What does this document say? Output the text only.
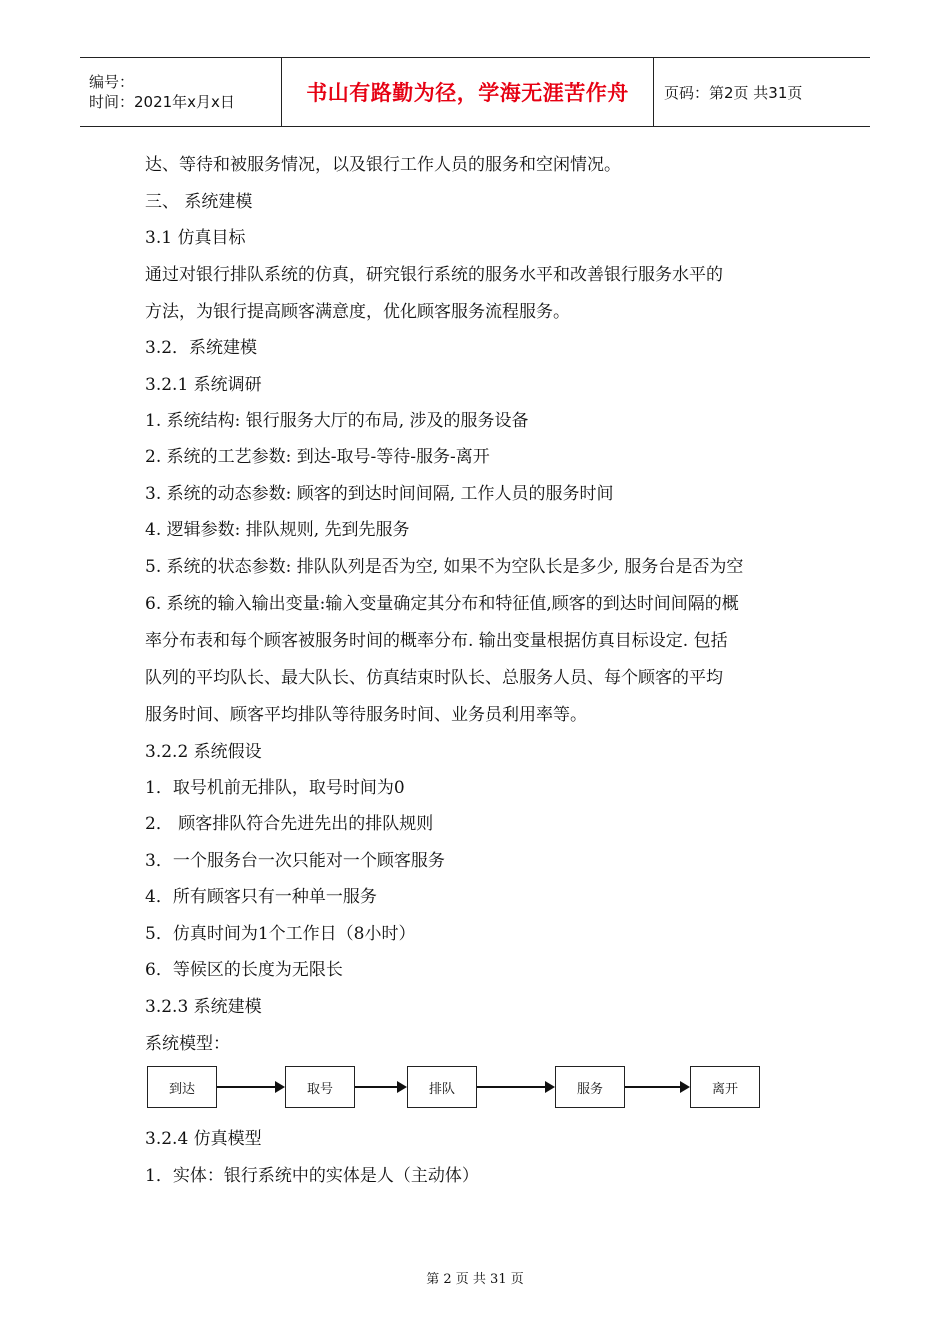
编号：
时间：2021年x月x日	书山有路勤为径，学海无涯苦作舟 页码：第2页 共31页
达、等待和被服务情况，以及银行工作人员的服务和空闲情况。
三、 系统建模
3.1 仿真目标
通过对银行排队系统的仿真，研究银行系统的服务水平和改善银行服务水平的
方法，为银行提高顾客满意度，优化顾客服务流程服务。
3.2．系统建模
3.2.1 系统调研
1. 系统结构: 银行服务大厅的布局, 涉及的服务设备
2. 系统的工艺参数: 到达-取号-等待-服务-离开
3. 系统的动态参数: 顾客的到达时间间隔, 工作人员的服务时间
4. 逻辑参数: 排队规则, 先到先服务
5. 系统的状态参数: 排队队列是否为空, 如果不为空队长是多少, 服务台是否为空
6. 系统的输入输出变量:输入变量确定其分布和特征值,顾客的到达时间间隔的概
率分布表和每个顾客被服务时间的概率分布. 输出变量根据仿真目标设定. 包括
队列的平均队长、最大队长、仿真结束时队长、总服务人员、每个顾客的平均
服务时间、顾客平均排队等待服务时间、业务员利用率等。
3.2.2 系统假设
1．取号机前无排队，取号时间为0
2． 顾客排队符合先进先出的排队规则
3．一个服务台一次只能对一个顾客服务
4．所有顾客只有一种单一服务
5．仿真时间为1个工作日（8小时）
6．等候区的长度为无限长
3.2.3 系统建模
系统模型：
到达	取号	排队	服务	离开
3.2.4 仿真模型
1．实体：银行系统中的实体是人（主动体）
第 2 页 共 31 页
